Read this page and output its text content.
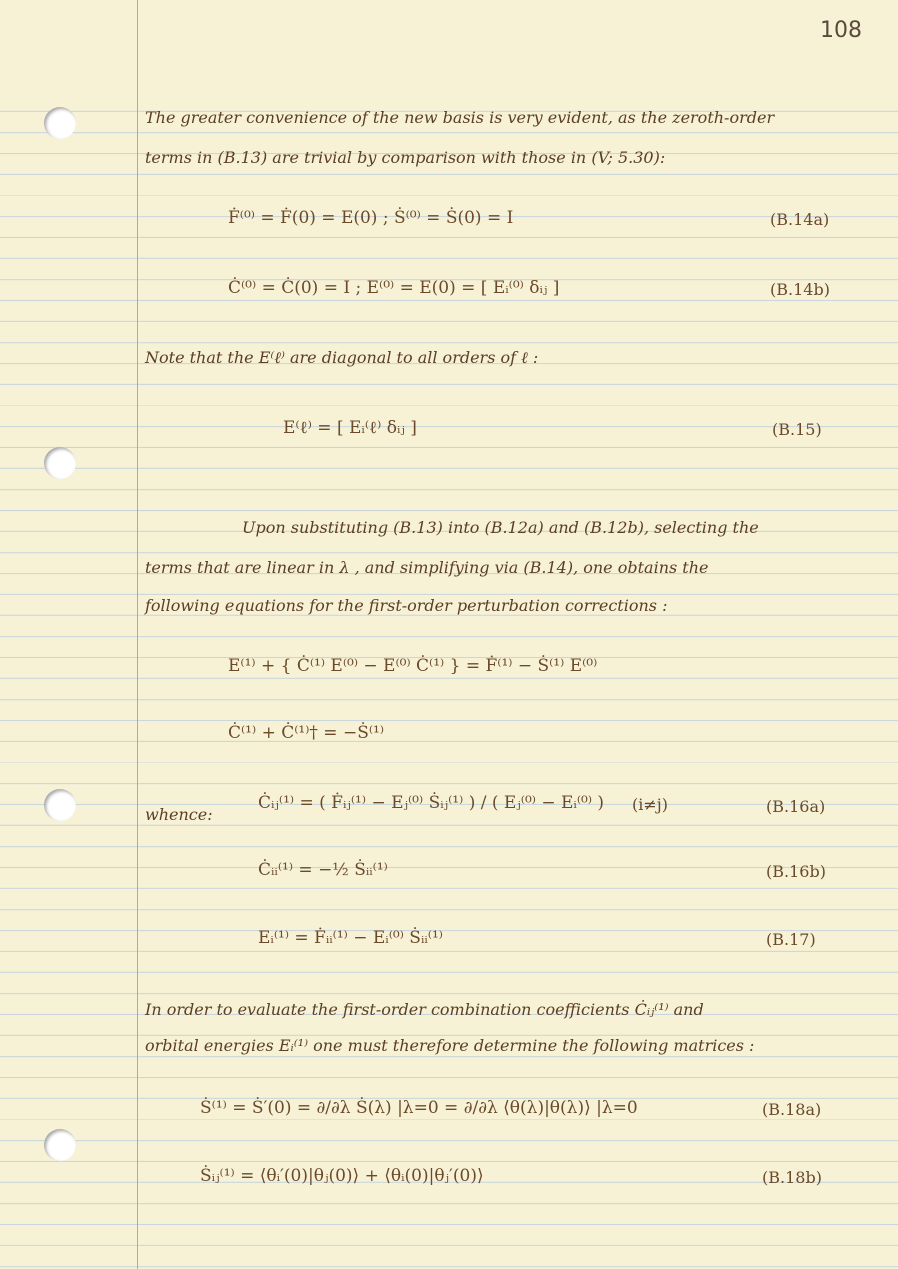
108
The greater convenience of the new basis is very evident, as the zeroth-order
terms in (B.13) are trivial by comparison with those in (V; 5.30):
Ḟ⁽⁰⁾ = Ḟ(0) = E(0) ; Ṡ⁽⁰⁾ = Ṡ(0) = I	(B.14a)
Ċ⁽⁰⁾ = Ċ(0) = I ; E⁽⁰⁾ = E(0) = [ Eᵢ⁽⁰⁾ δᵢⱼ ]	(B.14b)
Note that the E⁽ℓ⁾ are diagonal to all orders of ℓ :
E⁽ℓ⁾ = [ Eᵢ⁽ℓ⁾ δᵢⱼ ]	(B.15)
Upon substituting (B.13) into (B.12a) and (B.12b), selecting the
terms that are linear in λ , and simplifying via (B.14), one obtains the
following equations for the first-order perturbation corrections :
E⁽¹⁾ + { Ċ⁽¹⁾ E⁽⁰⁾ − E⁽⁰⁾ Ċ⁽¹⁾ } = Ḟ⁽¹⁾ − Ṡ⁽¹⁾ E⁽⁰⁾
Ċ⁽¹⁾ + Ċ⁽¹⁾† = −Ṡ⁽¹⁾
whence:
Ċᵢⱼ⁽¹⁾ = ( Ḟᵢⱼ⁽¹⁾ − Eⱼ⁽⁰⁾ Ṡᵢⱼ⁽¹⁾ ) / ( Eⱼ⁽⁰⁾ − Eᵢ⁽⁰⁾ ) (i≠j)	(B.16a)
Ċᵢᵢ⁽¹⁾ = −½ Ṡᵢᵢ⁽¹⁾	(B.16b)
Eᵢ⁽¹⁾ = Ḟᵢᵢ⁽¹⁾ − Eᵢ⁽⁰⁾ Ṡᵢᵢ⁽¹⁾	(B.17)
In order to evaluate the first-order combination coefficients Ċᵢⱼ⁽¹⁾ and
orbital energies Eᵢ⁽¹⁾ one must therefore determine the following matrices :
Ṡ⁽¹⁾ = Ṡ′(0) = ∂/∂λ Ṡ(λ) |λ=0 = ∂/∂λ ⟨θ(λ)|θ(λ)⟩ |λ=0	(B.18a)
Ṡᵢⱼ⁽¹⁾ = ⟨θᵢ′(0)|θⱼ(0)⟩ + ⟨θᵢ(0)|θⱼ′(0)⟩	(B.18b)
